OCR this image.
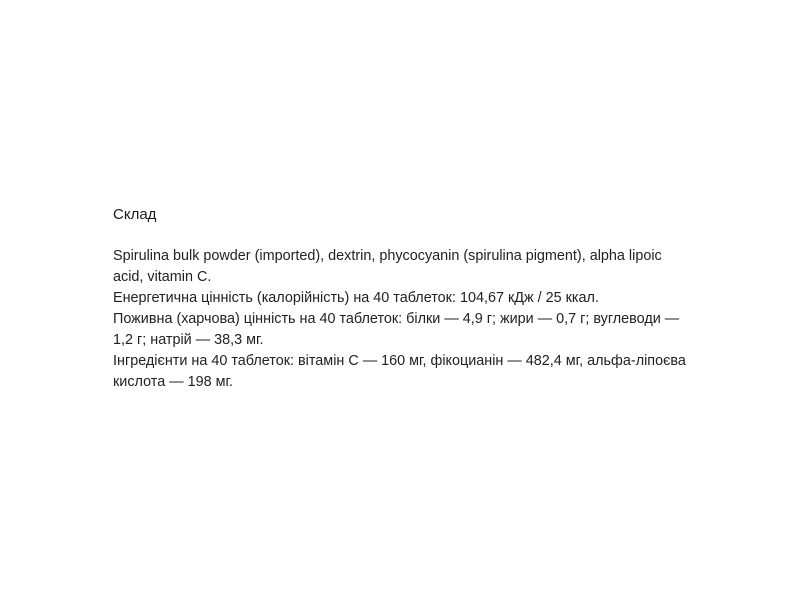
Склад

Spirulina bulk powder (imported), dextrin, phycocyanin (spirulina pigment), alpha lipoic acid, vitamin C.

Енергетична цінність (калорійність) на 40 таблеток: 104,67 кДж / 25 ккал.

Поживна (харчова) цінність на 40 таблеток: білки — 4,9 г; жири — 0,7 г; вуглеводи — 1,2 г; натрій — 38,3 мг.

Інгредієнти на 40 таблеток: вітамін С — 160 мг, фікоцианін — 482,4 мг, альфа-ліпоєва кислота — 198 мг.
